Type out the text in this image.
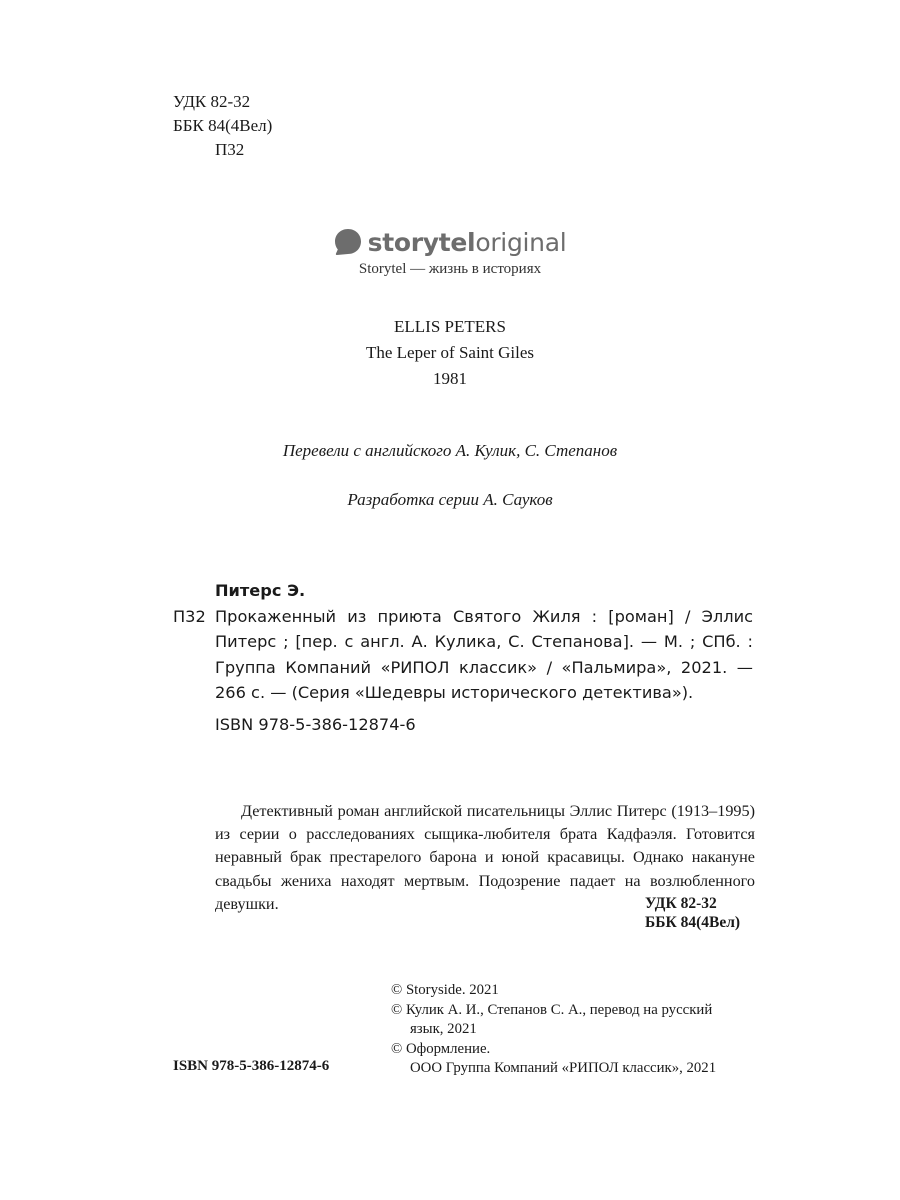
УДК 82-32
ББК 84(4Вел)
П32
storyteloriginal
Storytel — жизнь в историях
ELLIS PETERS
The Leper of Saint Giles
1981
Перевели с английского А. Кулик, С. Степанов
Разработка серии А. Сауков
Питерс Э.
П32 Прокаженный из приюта Святого Жиля : [роман] / Эллис Питерс ; [пер. с англ. А. Кулика, С. Степанова]. — М. ; СПб. : Группа Компаний «РИПОЛ классик» / «Пальмира», 2021. — 266 с. — (Серия «Шедевры исторического детектива»).
ISBN 978-5-386-12874-6
Детективный роман английской писательницы Эллис Питерс (1913–1995) из серии о расследованиях сыщика-любителя брата Кадфаэля. Готовится неравный брак престарелого барона и юной красавицы. Однако накануне свадьбы жениха находят мертвым. Подозрение падает на возлюбленного девушки.	УДК 82-32
ББК 84(4Вел)
© Storyside. 2021
© Кулик А. И., Степанов С. А., перевод на русский
язык, 2021
© Оформление.
ООО Группа Компаний «РИПОЛ классик», 2021
ISBN 978-5-386-12874-6
